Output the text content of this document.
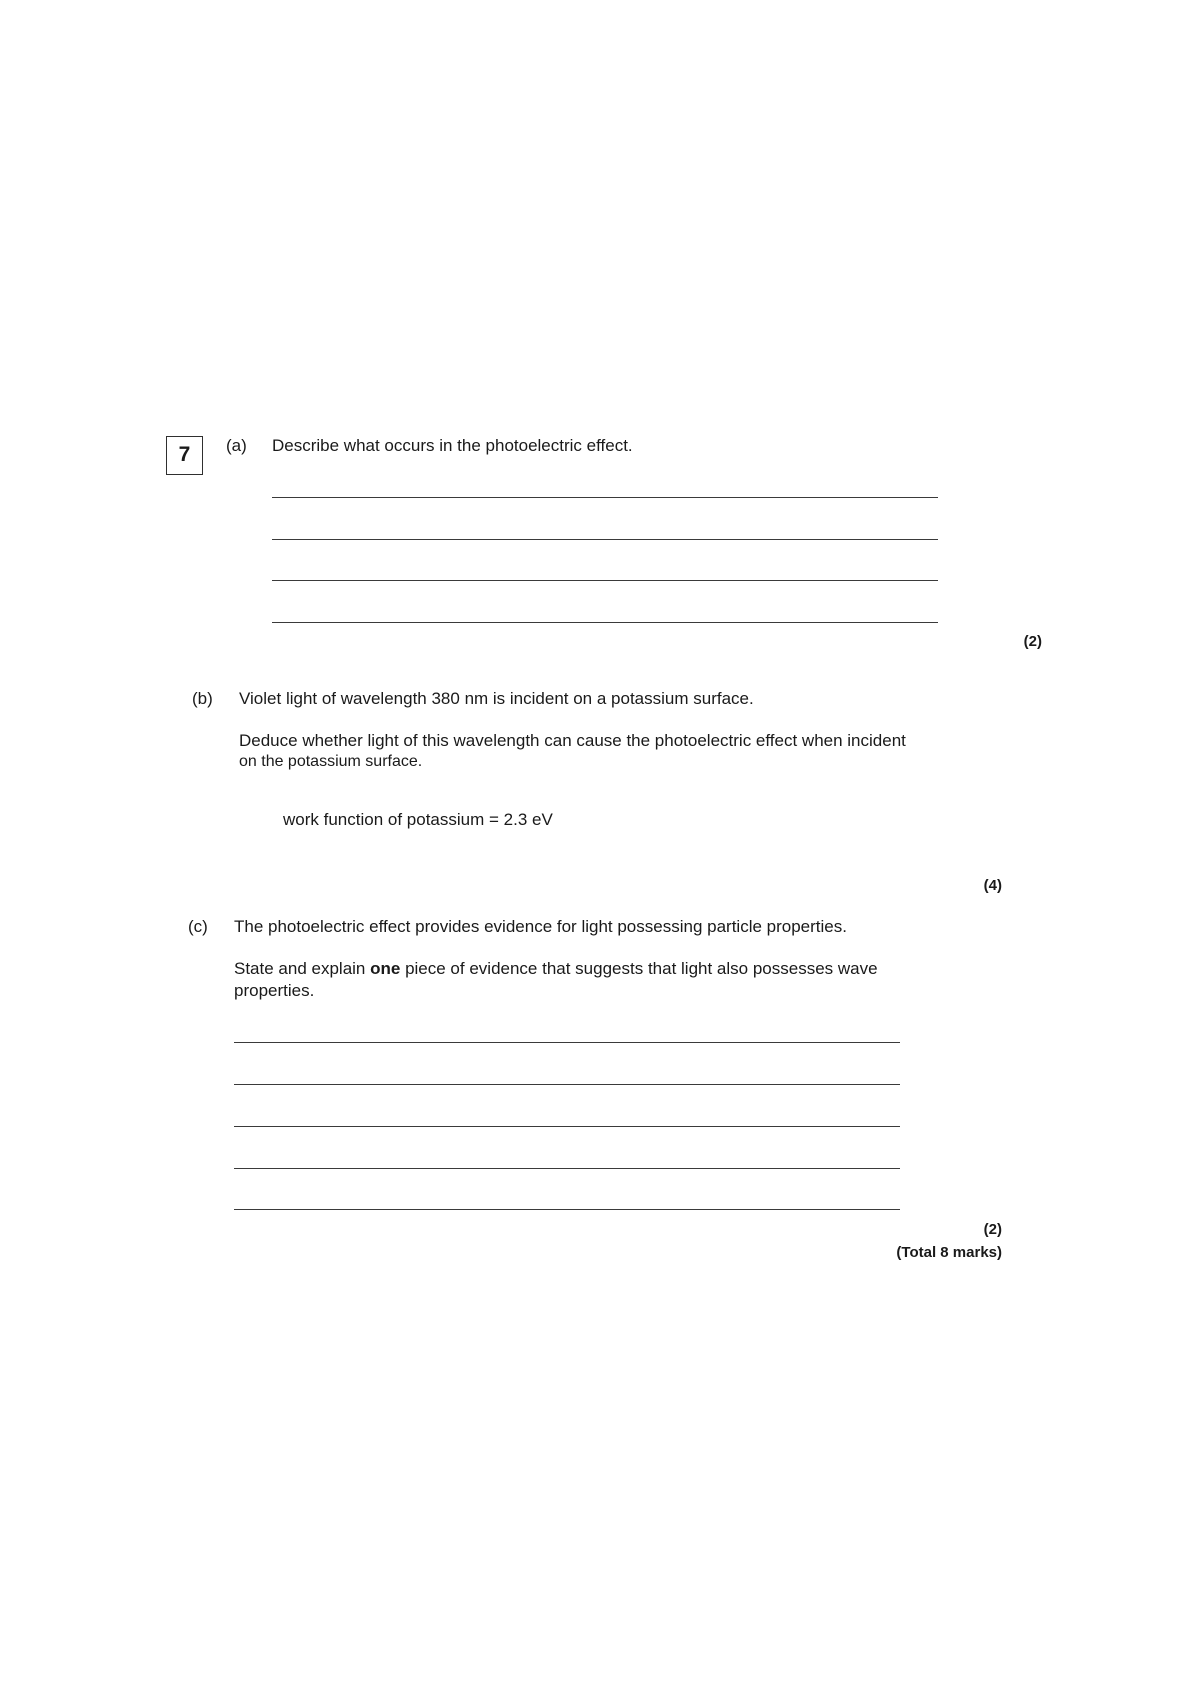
7	(a) Describe what occurs in the photoelectric effect.
(2)
(b) Violet light of wavelength 380 nm is incident on a potassium surface.
Deduce whether light of this wavelength can cause the photoelectric effect when incident
on the potassium surface.
work function of potassium = 2.3 eV
(4)
(c) The photoelectric effect provides evidence for light possessing particle properties.
State and explain one piece of evidence that suggests that light also possesses wave
properties.
(2)
(Total 8 marks)
